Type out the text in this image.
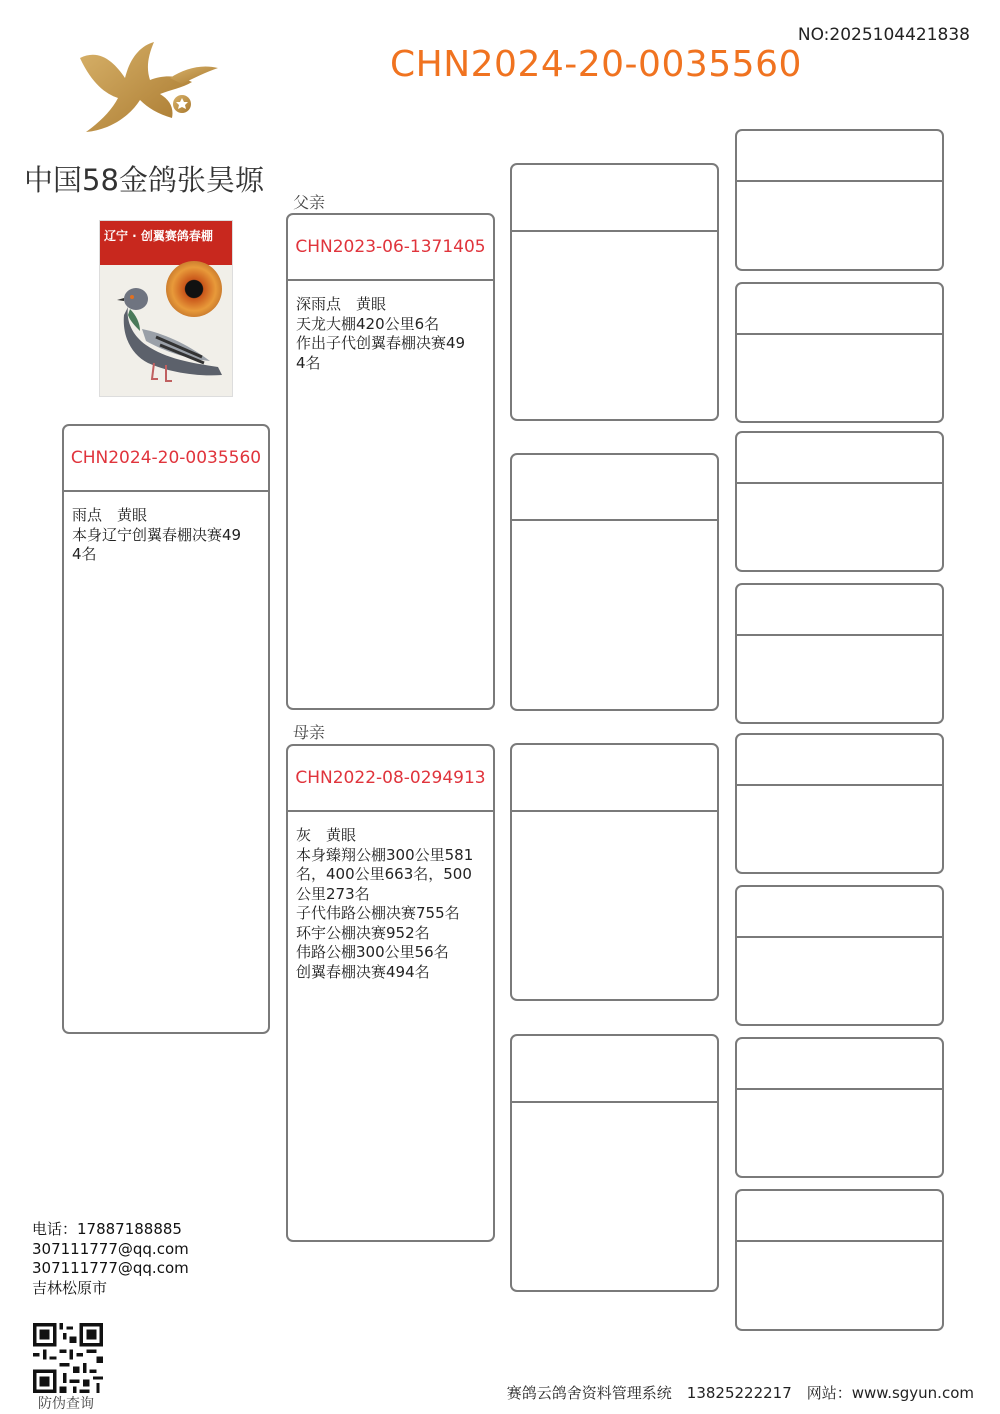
NO:2025104421838
CHN2024-20-0035560
中国58金鸽张昊塬
辽宁 · 创翼赛鸽春棚
父亲
母亲
CHN2024-20-0035560
雨点　黄眼
本身辽宁创翼春棚决赛49
4名
CHN2023-06-1371405
深雨点　黄眼
天龙大棚420公里6名
作出子代创翼春棚决赛49
4名
CHN2022-08-0294913
灰　黄眼
本身臻翔公棚300公里581
名，400公里663名，500
公里273名
子代伟路公棚决赛755名
环宇公棚决赛952名
伟路公棚300公里56名
创翼春棚决赛494名
电话：17887188885
307111777@qq.com
307111777@qq.com
吉林松原市
防伪查询
赛鸽云鸽舍资料管理系统　13825222217　网站：www.sgyun.com
